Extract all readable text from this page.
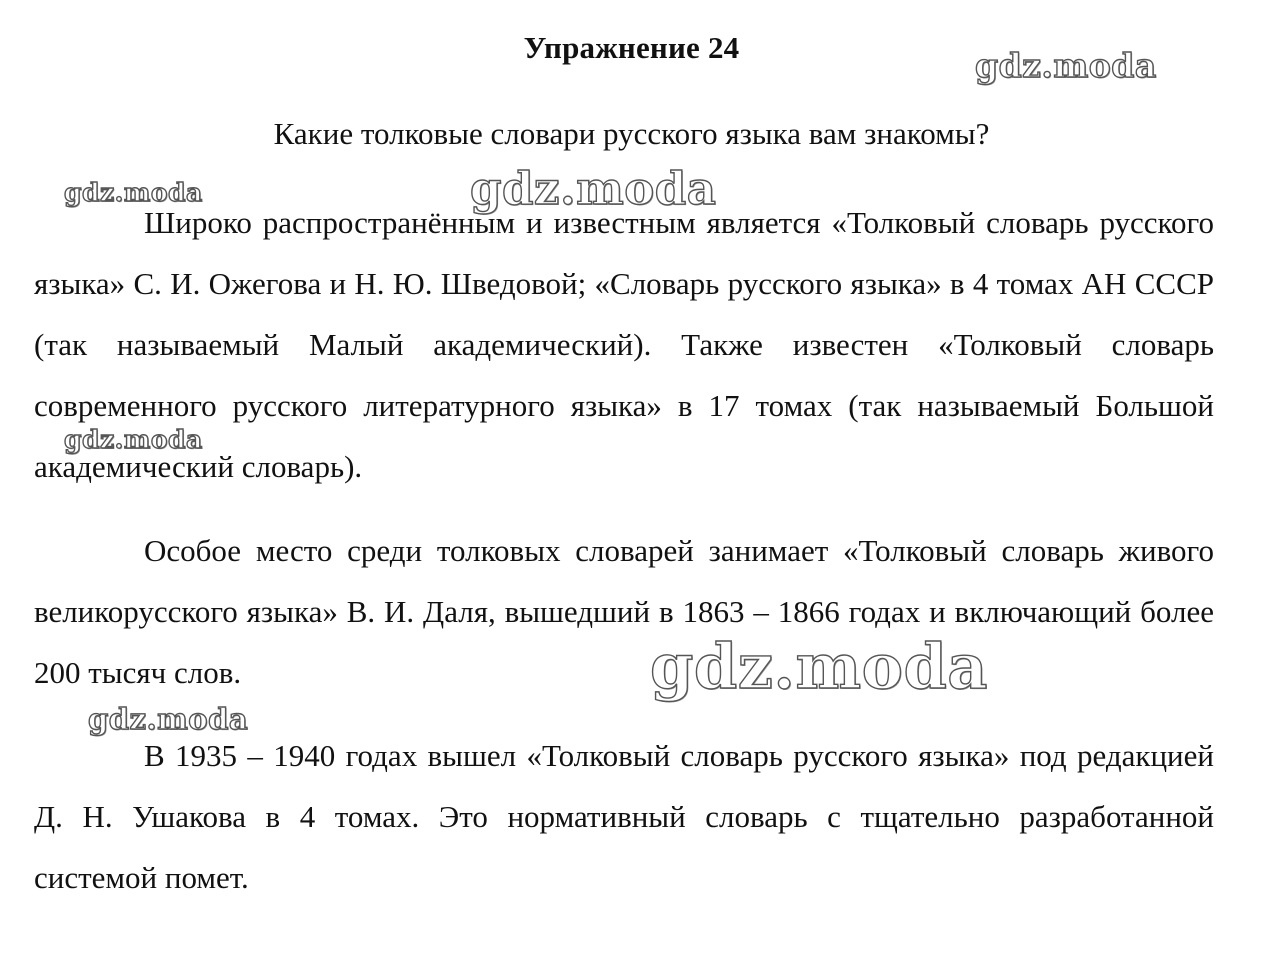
Упражнение 24
Какие толковые словари русского языка вам знакомы?

Широко распространённым и известным является «Толковый словарь русского языка» С. И. Ожегова и Н. Ю. Шведовой; «Словарь русского языка» в 4 томах АН СССР (так называемый Малый академический). Также известен «Толковый словарь современного русского литературного языка» в 17 томах (так называемый Большой академический словарь).

Особое место среди толковых словарей занимает «Толковый словарь живого великорусского языка» В. И. Даля, вышедший в 1863 – 1866 годах и включающий более 200 тысяч слов.

В 1935 – 1940 годах вышел «Толковый словарь русского языка» под редакцией Д. Н. Ушакова в 4 томах. Это нормативный словарь с тщательно разработанной системой помет.

gdz.moda
gdz.moda	gdz.moda
gdz.moda
gdz.moda
gdz.moda
